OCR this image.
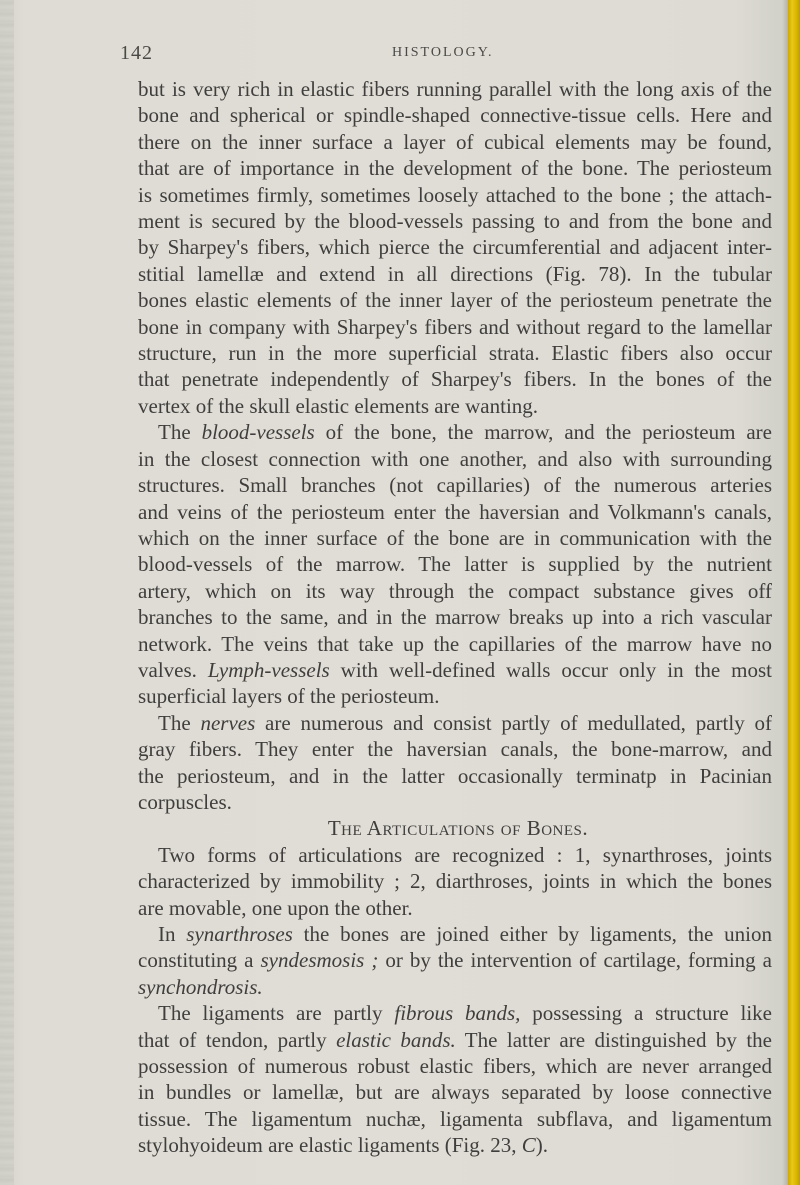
142	HISTOLOGY.
but is very rich in elastic fibers running parallel with the long axis of the
bone and spherical or spindle-shaped connective-tissue cells. Here and
there on the inner surface a layer of cubical elements may be found,
that are of importance in the development of the bone. The periosteum
is sometimes firmly, sometimes loosely attached to the bone ; the attach-
ment is secured by the blood-vessels passing to and from the bone and
by Sharpey's fibers, which pierce the circumferential and adjacent inter-
stitial lamellæ and extend in all directions (Fig. 78). In the tubular
bones elastic elements of the inner layer of the periosteum penetrate the
bone in company with Sharpey's fibers and without regard to the lamellar
structure, run in the more superficial strata. Elastic fibers also occur
that penetrate independently of Sharpey's fibers. In the bones of the
vertex of the skull elastic elements are wanting.
The blood-vessels of the bone, the marrow, and the periosteum are
in the closest connection with one another, and also with surrounding
structures. Small branches (not capillaries) of the numerous arteries
and veins of the periosteum enter the haversian and Volkmann's canals,
which on the inner surface of the bone are in communication with the
blood-vessels of the marrow. The latter is supplied by the nutrient
artery, which on its way through the compact substance gives off
branches to the same, and in the marrow breaks up into a rich vascular
network. The veins that take up the capillaries of the marrow have no
valves. Lymph-vessels with well-defined walls occur only in the most
superficial layers of the periosteum.
The nerves are numerous and consist partly of medullated, partly of
gray fibers. They enter the haversian canals, the bone-marrow, and
the periosteum, and in the latter occasionally terminatp in Pacinian
corpuscles.
The Articulations of Bones.
Two forms of articulations are recognized : 1, synarthroses, joints
characterized by immobility ; 2, diarthroses, joints in which the bones
are movable, one upon the other.
In synarthroses the bones are joined either by ligaments, the union
constituting a syndesmosis ; or by the intervention of cartilage, forming a
synchondrosis.
The ligaments are partly fibrous bands, possessing a structure like
that of tendon, partly elastic bands. The latter are distinguished by the
possession of numerous robust elastic fibers, which are never arranged
in bundles or lamellæ, but are always separated by loose connective
tissue. The ligamentum nuchæ, ligamenta subflava, and ligamentum
stylohyoideum are elastic ligaments (Fig. 23, C).
